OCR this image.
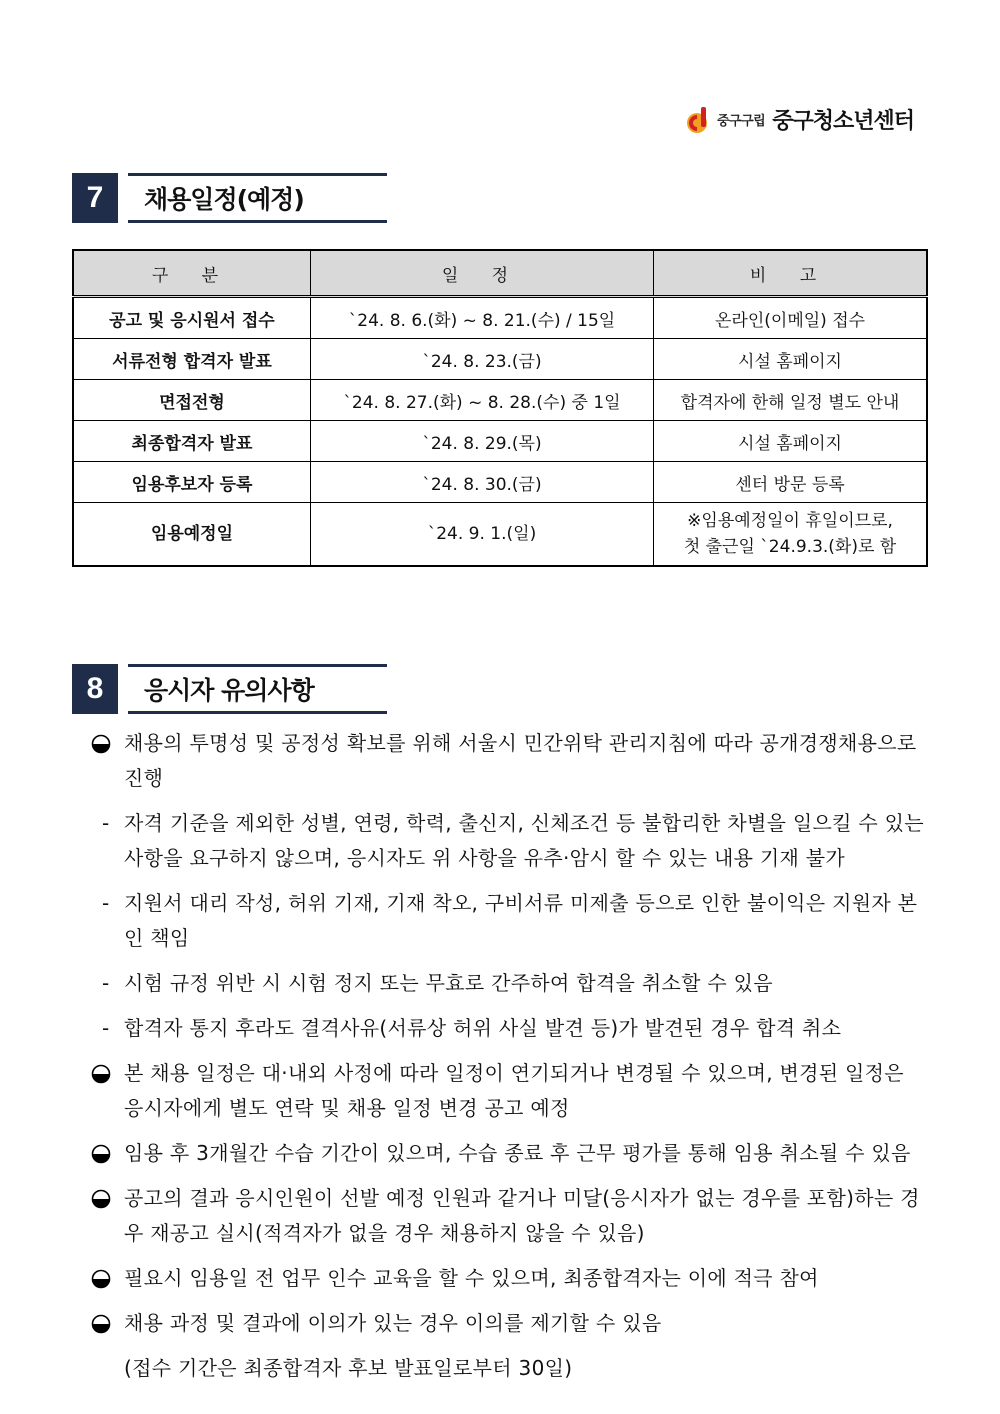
중구구립 중구청소년센터
7	채용일정(예정)
구 분	일 정	비 고
공고 및 응시원서 접수	`24. 8. 6.(화) ~ 8. 21.(수) / 15일	온라인(이메일) 접수
서류전형 합격자 발표	`24. 8. 23.(금)	시설 홈페이지
면접전형	`24. 8. 27.(화) ~ 8. 28.(수) 중 1일	합격자에 한해 일정 별도 안내
최종합격자 발표	`24. 8. 29.(목)	시설 홈페이지
임용후보자 등록	`24. 8. 30.(금)	센터 방문 등록
임용예정일	`24. 9. 1.(일)	※임용예정일이 휴일이므로,
첫 출근일 `24.9.3.(화)로 함
8	응시자 유의사항
채용의 투명성 및 공정성 확보를 위해 서울시 민간위탁 관리지침에 따라 공개경쟁채용으로 진행
- 자격 기준을 제외한 성별, 연령, 학력, 출신지, 신체조건 등 불합리한 차별을 일으킬 수 있는 사항을 요구하지 않으며, 응시자도 위 사항을 유추·암시 할 수 있는 내용 기재 불가
- 지원서 대리 작성, 허위 기재, 기재 착오, 구비서류 미제출 등으로 인한 불이익은 지원자 본인 책임
- 시험 규정 위반 시 시험 정지 또는 무효로 간주하여 합격을 취소할 수 있음
- 합격자 통지 후라도 결격사유(서류상 허위 사실 발견 등)가 발견된 경우 합격 취소
본 채용 일정은 대·내외 사정에 따라 일정이 연기되거나 변경될 수 있으며, 변경된 일정은 응시자에게 별도 연락 및 채용 일정 변경 공고 예정
임용 후 3개월간 수습 기간이 있으며, 수습 종료 후 근무 평가를 통해 임용 취소될 수 있음
공고의 결과 응시인원이 선발 예정 인원과 같거나 미달(응시자가 없는 경우를 포함)하는 경우 재공고 실시(적격자가 없을 경우 채용하지 않을 수 있음)
필요시 임용일 전 업무 인수 교육을 할 수 있으며, 최종합격자는 이에 적극 참여
채용 과정 및 결과에 이의가 있는 경우 이의를 제기할 수 있음
(접수 기간은 최종합격자 후보 발표일로부터 30일)
